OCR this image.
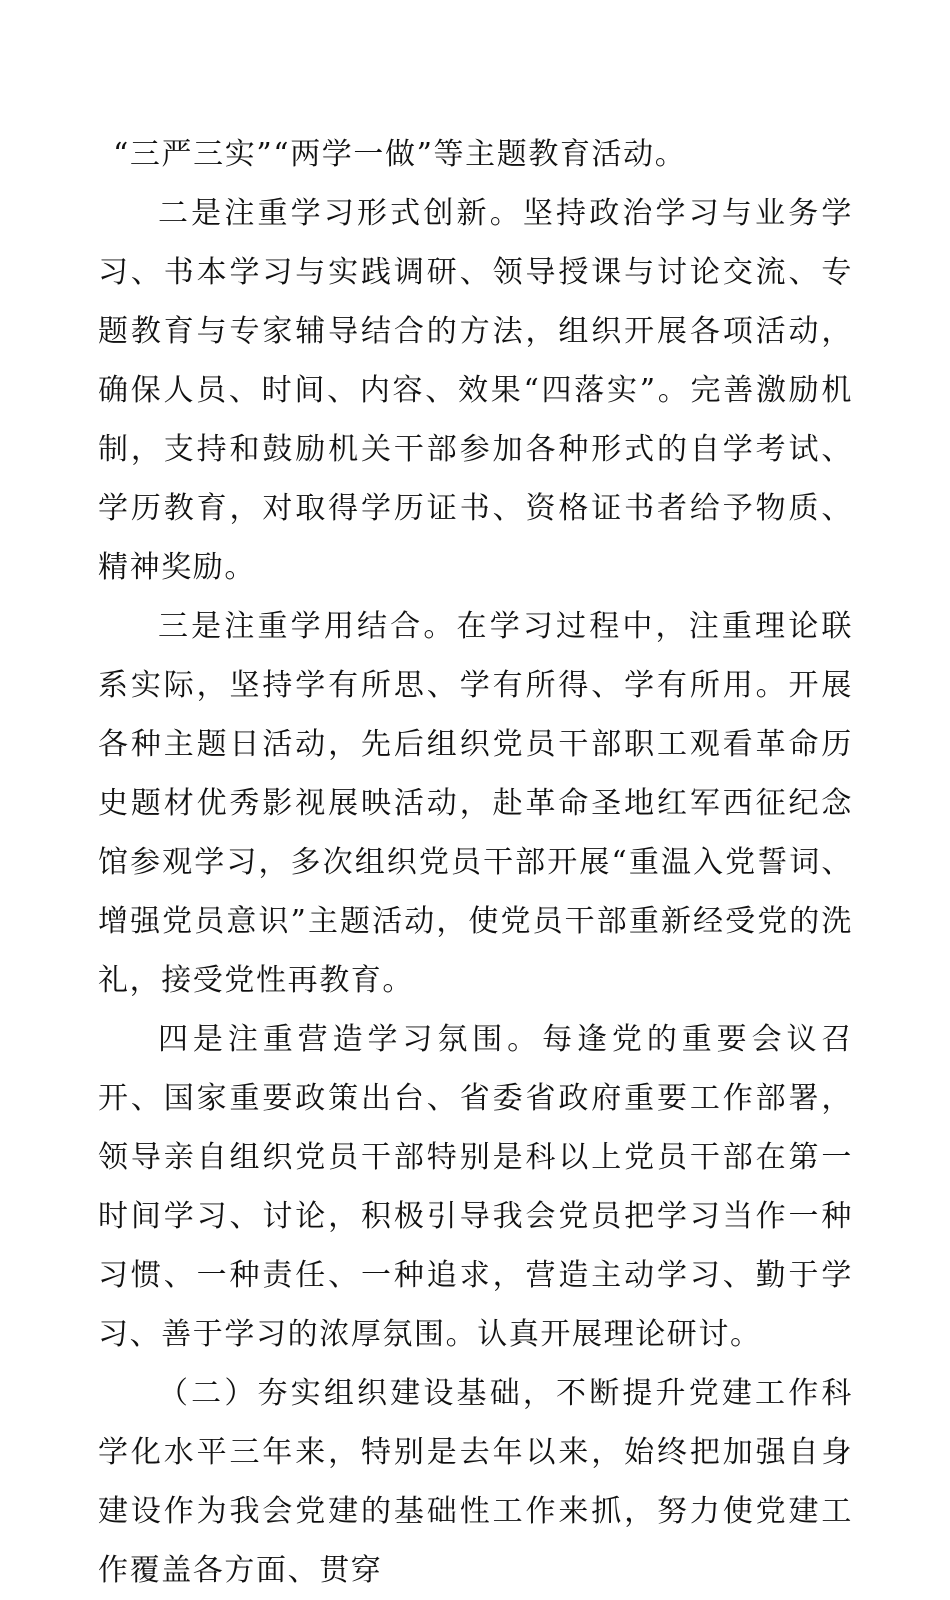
“三严三实”“两学一做”等主题教育活动。

二是注重学习形式创新。坚持政治学习与业务学习、书本学习与实践调研、领导授课与讨论交流、专题教育与专家辅导结合的方法，组织开展各项活动，确保人员、时间、内容、效果“四落实”。完善激励机制，支持和鼓励机关干部参加各种形式的自学考试、学历教育，对取得学历证书、资格证书者给予物质、精神奖励。

三是注重学用结合。在学习过程中，注重理论联系实际，坚持学有所思、学有所得、学有所用。开展各种主题日活动，先后组织党员干部职工观看革命历史题材优秀影视展映活动，赴革命圣地红军西征纪念馆参观学习，多次组织党员干部开展“重温入党誓词、增强党员意识”主题活动，使党员干部重新经受党的洗礼，接受党性再教育。

四是注重营造学习氛围。每逢党的重要会议召开、国家重要政策出台、省委省政府重要工作部署，领导亲自组织党员干部特别是科以上党员干部在第一时间学习、讨论，积极引导我会党员把学习当作一种习惯、一种责任、一种追求，营造主动学习、勤于学习、善于学习的浓厚氛围。认真开展理论研讨。

（二）夯实组织建设基础，不断提升党建工作科学化水平三年来，特别是去年以来，始终把加强自身建设作为我会党建的基础性工作来抓，努力使党建工作覆盖各方面、贯穿
